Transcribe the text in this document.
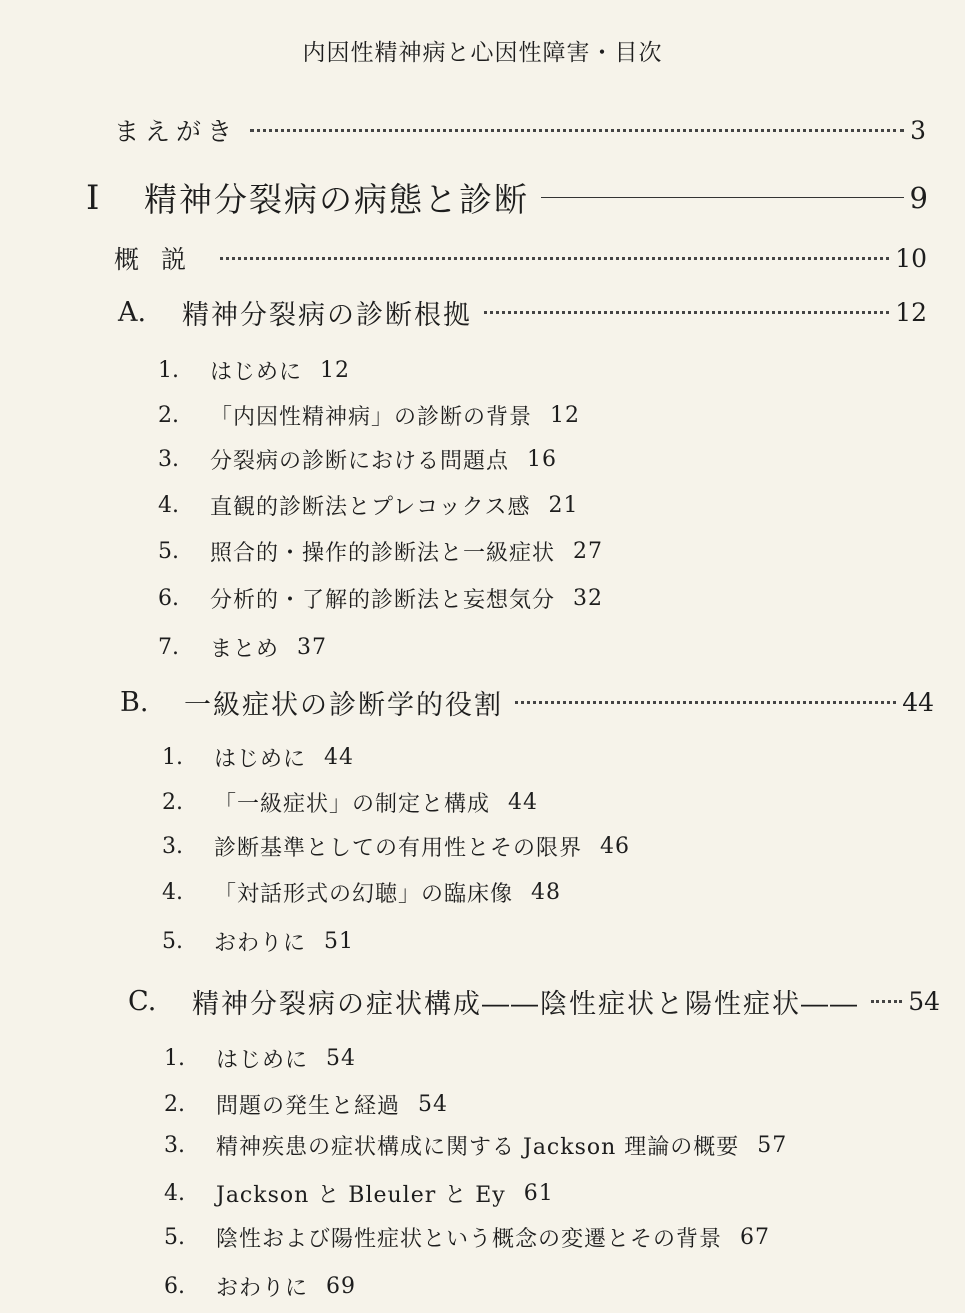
内因性精神病と心因性障害・目次
まえがき	3
I	精神分裂病の病態と診断	9
概説	10
A.	精神分裂病の診断根拠	12
1.	はじめに 12
2.	「内因性精神病」の診断の背景 12
3.	分裂病の診断における問題点 16
4.	直観的診断法とプレコックス感 21
5.	照合的・操作的診断法と一級症状 27
6.	分析的・了解的診断法と妄想気分 32
7.	まとめ 37
B.	一級症状の診断学的役割	44
1.	はじめに 44
2.	「一級症状」の制定と構成 44
3.	診断基準としての有用性とその限界 46
4.	「対話形式の幻聴」の臨床像 48
5.	おわりに 51
C.	精神分裂病の症状構成――陰性症状と陽性症状―― 54
1.	はじめに 54
2.	問題の発生と経過 54
3.	精神疾患の症状構成に関する Jackson 理論の概要 57
4.	Jackson と Bleuler と Ey 61
5.	陰性および陽性症状という概念の変遷とその背景 67
6.	おわりに 69
